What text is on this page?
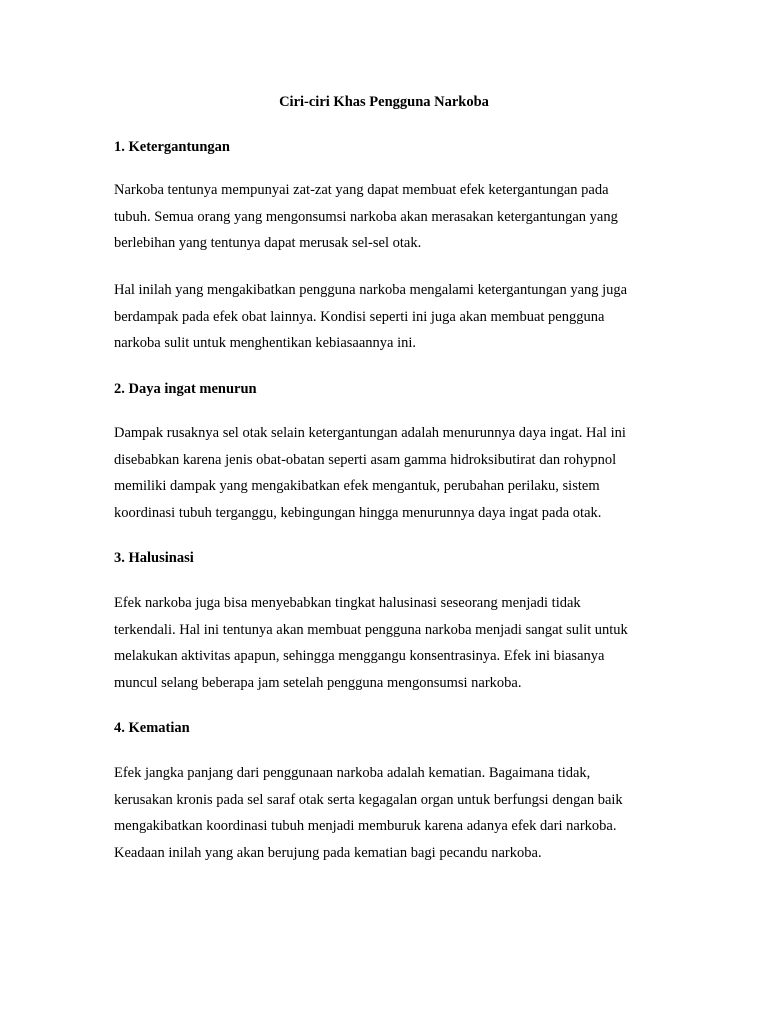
Ciri-ciri Khas Pengguna Narkoba
1. Ketergantungan

Narkoba tentunya mempunyai zat-zat yang dapat membuat efek ketergantungan pada
tubuh. Semua orang yang mengonsumsi narkoba akan merasakan ketergantungan yang
berlebihan yang tentunya dapat merusak sel-sel otak.

Hal inilah yang mengakibatkan pengguna narkoba mengalami ketergantungan yang juga
berdampak pada efek obat lainnya. Kondisi seperti ini juga akan membuat pengguna
narkoba sulit untuk menghentikan kebiasaannya ini.

2. Daya ingat menurun

Dampak rusaknya sel otak selain ketergantungan adalah menurunnya daya ingat. Hal ini
disebabkan karena jenis obat-obatan seperti asam gamma hidroksibutirat dan rohypnol
memiliki dampak yang mengakibatkan efek mengantuk, perubahan perilaku, sistem
koordinasi tubuh terganggu, kebingungan hingga menurunnya daya ingat pada otak.

3. Halusinasi

Efek narkoba juga bisa menyebabkan tingkat halusinasi seseorang menjadi tidak
terkendali. Hal ini tentunya akan membuat pengguna narkoba menjadi sangat sulit untuk
melakukan aktivitas apapun, sehingga menggangu konsentrasinya. Efek ini biasanya
muncul selang beberapa jam setelah pengguna mengonsumsi narkoba.

4. Kematian

Efek jangka panjang dari penggunaan narkoba adalah kematian. Bagaimana tidak,
kerusakan kronis pada sel saraf otak serta kegagalan organ untuk berfungsi dengan baik
mengakibatkan koordinasi tubuh menjadi memburuk karena adanya efek dari narkoba.
Keadaan inilah yang akan berujung pada kematian bagi pecandu narkoba.
